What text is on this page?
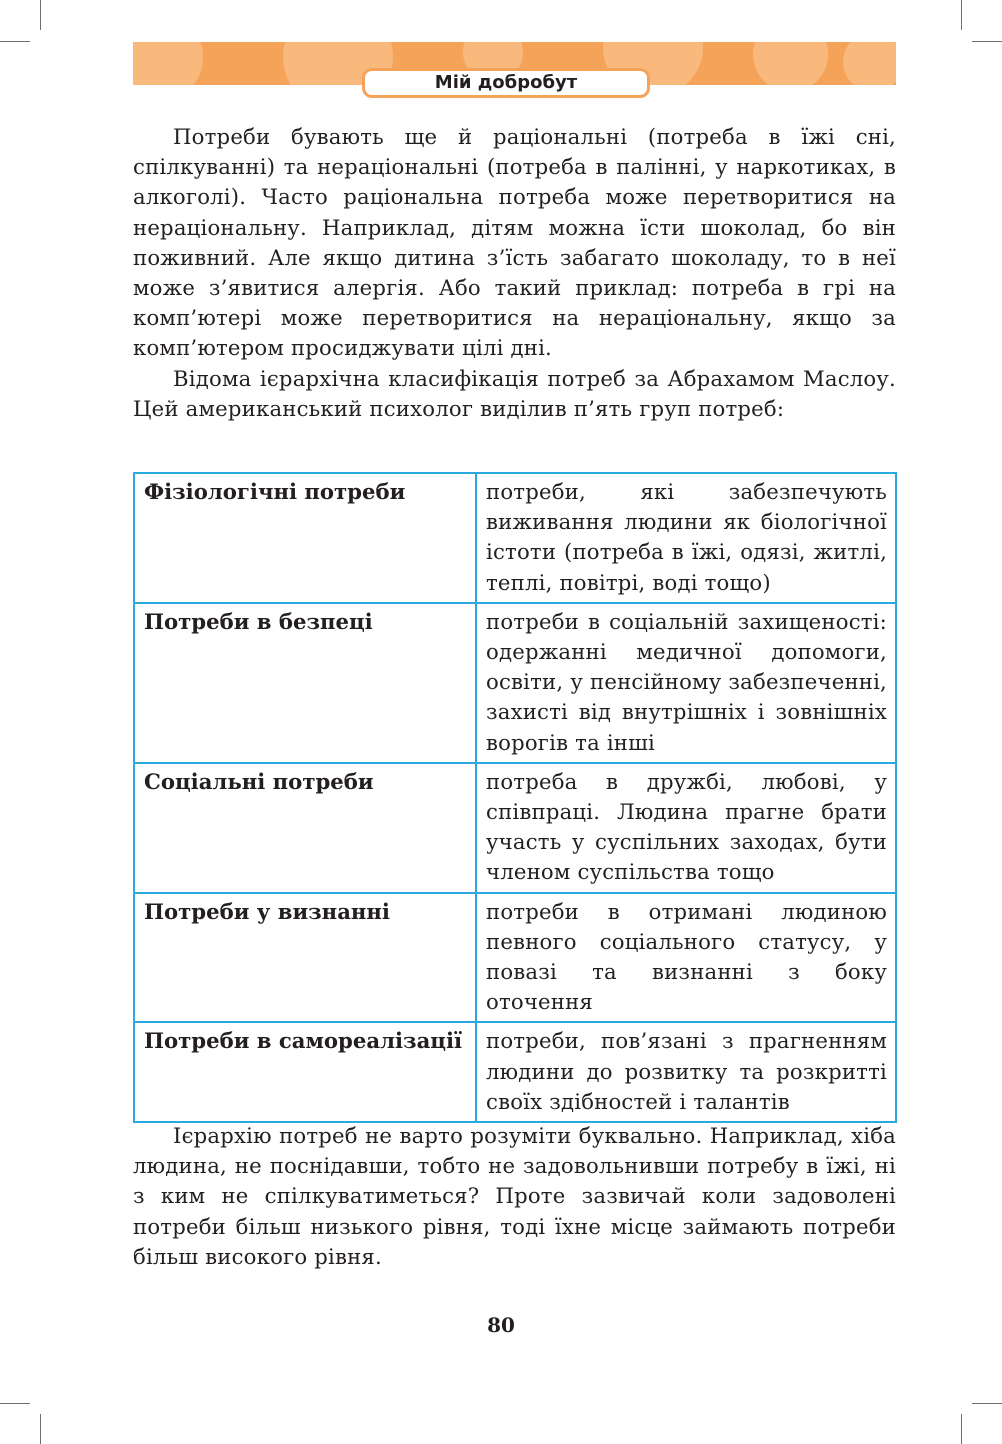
Мій добробут

Потреби бувають ще й раціональні (потреба в їжі сні, спілкуванні) та нераціональні (потреба в палінні, у наркотиках, в алкоголі). Часто раціональна потреба може перетворитися на нераціональну. Наприклад, дітям можна їсти шоколад, бо він поживний. Але якщо дитина з’їсть забагато шоколаду, то в неї може з’явитися алергія. Або такий приклад: потреба в грі на комп’ютері може перетворитися на нераціональну, якщо за комп’ютером просиджувати цілі дні.

Відома ієрархічна класифікація потреб за Абрахамом Маслоу. Цей американський психолог виділив п’ять груп потреб:

Фізіологічні потреби	потреби, які забезпечують виживання людини як біологічної істоти (потреба в їжі, одязі, житлі, теплі, повітрі, воді тощо)
Потреби в безпеці	потреби в соціальній захищеності: одержанні медичної допомоги, освіти, у пенсійному забезпеченні, захисті від внутрішніх і зовнішніх ворогів та інші
Соціальні потреби	потреба в дружбі, любові, у співпраці. Людина прагне брати участь у суспільних заходах, бути членом суспільства тощо
Потреби у визнанні	потреби в отримані людиною певного соціального статусу, у повазі та визнанні з боку оточення
Потреби в самореалізації	потреби, пов’язані з прагненням людини до розвитку та розкритті своїх здібностей і талантів

Ієрархію потреб не варто розуміти буквально. Наприклад, хіба людина, не поснідавши, тобто не задовольнивши потребу в їжі, ні з ким не спілкуватиметься? Проте зазвичай коли задоволені потреби більш низького рівня, тоді їхне місце займають потреби більш високого рівня.

80
